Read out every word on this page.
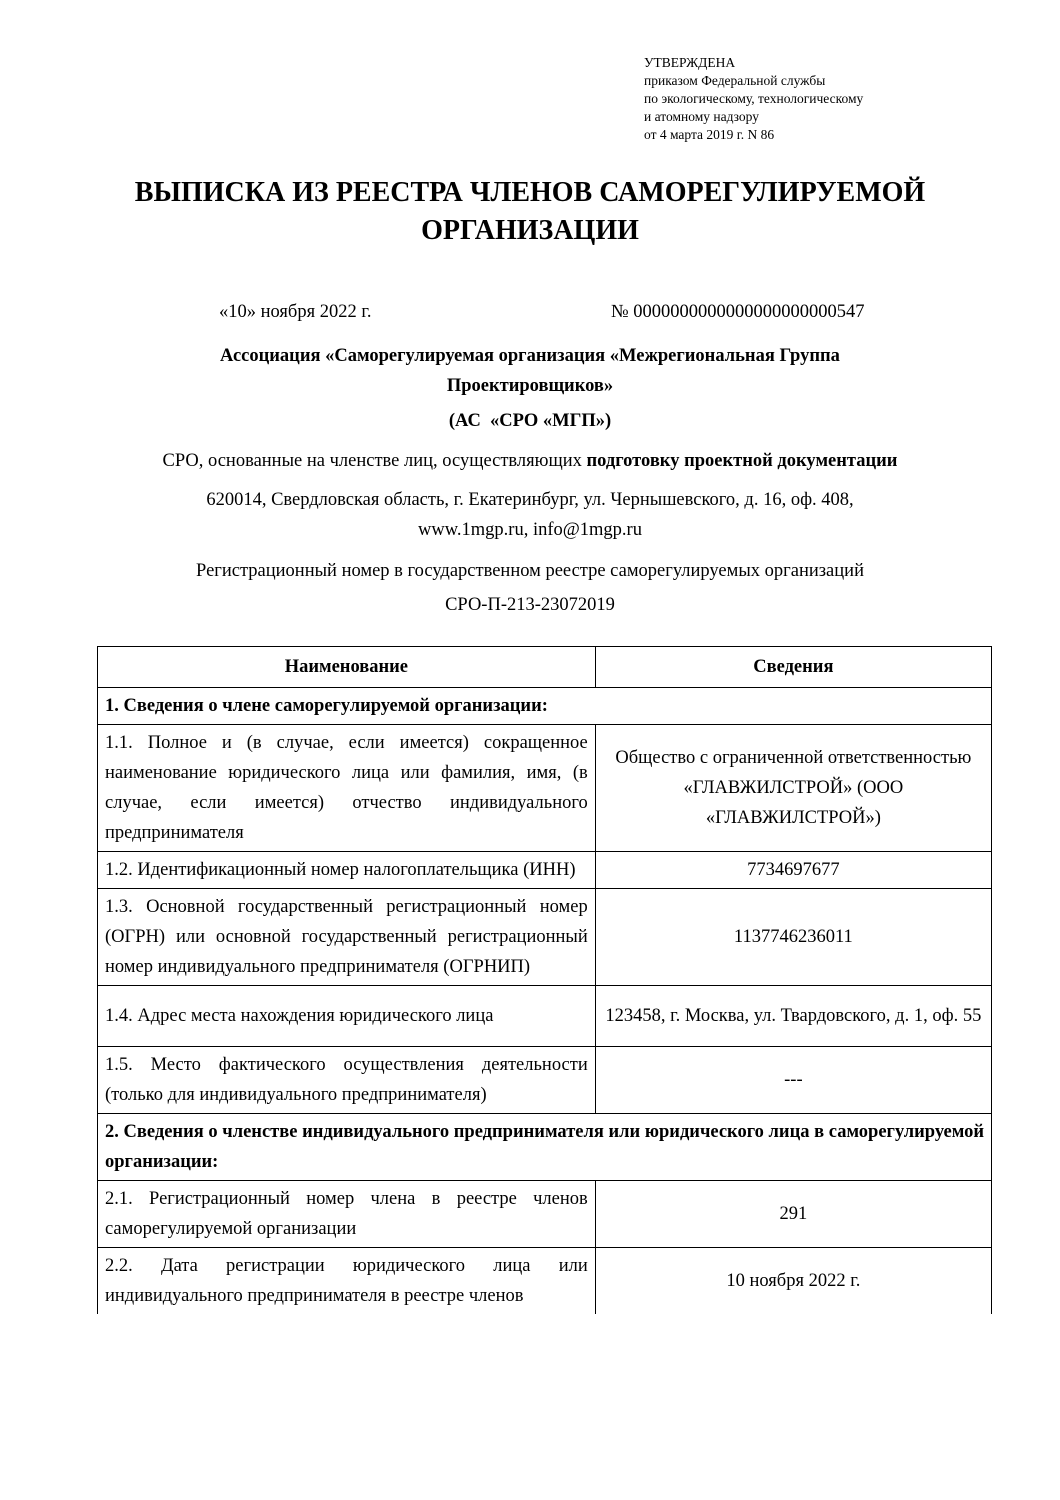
УТВЕРЖДЕНА
приказом Федеральной службы
по экологическому, технологическому
и атомному надзору
от 4 марта 2019 г. N 86
ВЫПИСКА ИЗ РЕЕСТРА ЧЛЕНОВ САМОРЕГУЛИРУЕМОЙ
ОРГАНИЗАЦИИ
«10» ноября 2022 г.	№ 0000000000000000000000547
Ассоциация «Саморегулируемая организация «Межрегиональная Группа
Проектировщиков»
(АС  «СРО «МГП»)
СРО, основанные на членстве лиц, осуществляющих подготовку проектной документации
620014, Свердловская область, г. Екатеринбург, ул. Чернышевского, д. 16, оф. 408,
www.1mgp.ru, info@1mgp.ru
Регистрационный номер в государственном реестре саморегулируемых организаций
СРО-П-213-23072019
Наименование	Сведения
1. Сведения о члене саморегулируемой организации:	
1.1. Полное и (в случае, если имеется) сокращенное наименование юридического лица или фамилия, имя, (в случае, если имеется) отчество индивидуального предпринимателя	Общество с ограниченной ответственностью «ГЛАВЖИЛСТРОЙ» (ООО «ГЛАВЖИЛСТРОЙ»)
1.2. Идентификационный номер налогоплательщика (ИНН)	7734697677
1.3. Основной государственный регистрационный номер (ОГРН) или основной государственный регистрационный номер индивидуального предпринимателя (ОГРНИП)	1137746236011
1.4. Адрес места нахождения юридического лица	123458, г. Москва, ул. Твардовского, д. 1, оф. 55
1.5. Место фактического осуществления деятельности (только для индивидуального предпринимателя)	---
2. Сведения о членстве индивидуального предпринимателя или юридического лица в саморегулируемой организации:	
2.1. Регистрационный номер члена в реестре членов саморегулируемой организации	291
2.2. Дата регистрации юридического лица или индивидуального предпринимателя в реестре членов	10 ноября 2022 г.
